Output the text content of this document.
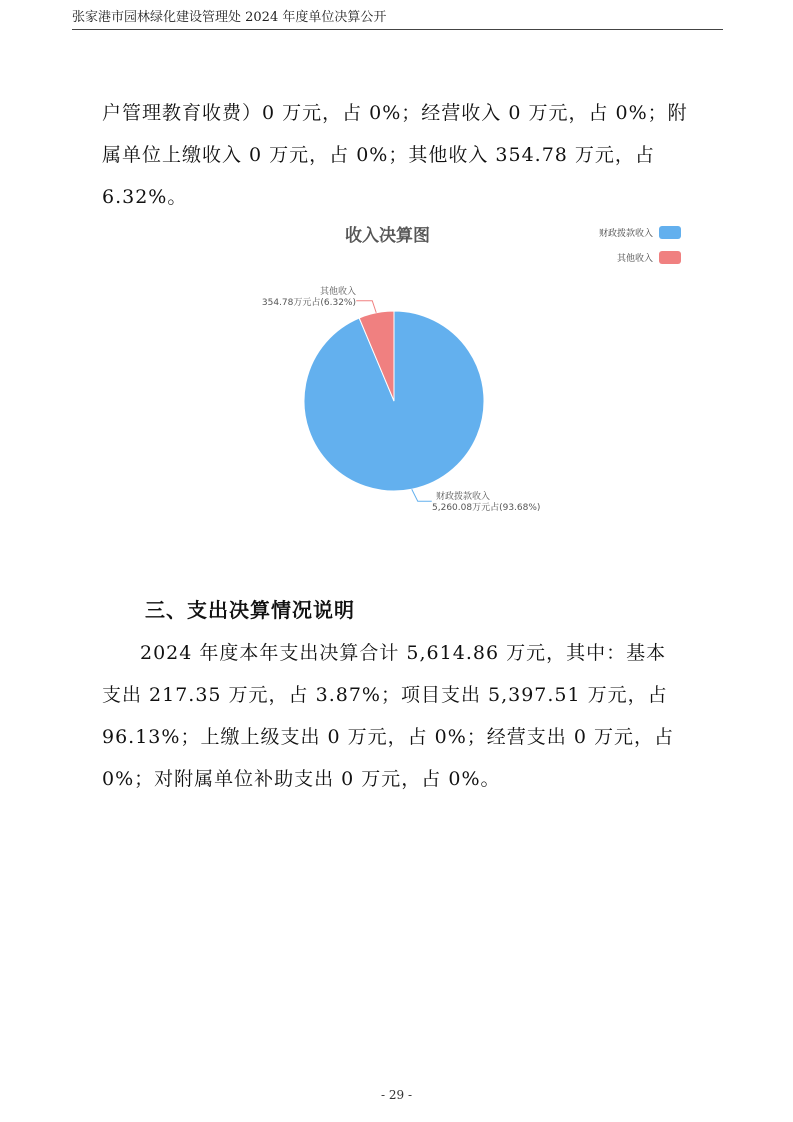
张家港市园林绿化建设管理处 2024 年度单位决算公开
户管理教育收费）0 万元，占 0%；经营收入 0 万元，占 0%；附
属单位上缴收入 0 万元，占 0%；其他收入 354.78 万元，占
6.32%。
收入决算图	财政拨款收入
其他收入
其他收入
354.78万元占(6.32%)
财政拨款收入
5,260.08万元占(93.68%)
三、支出决算情况说明
2024 年度本年支出决算合计 5,614.86 万元，其中：基本
支出 217.35 万元，占 3.87%；项目支出 5,397.51 万元，占
96.13%；上缴上级支出 0 万元，占 0%；经营支出 0 万元，占
0%；对附属单位补助支出 0 万元，占 0%。
- 29 -
